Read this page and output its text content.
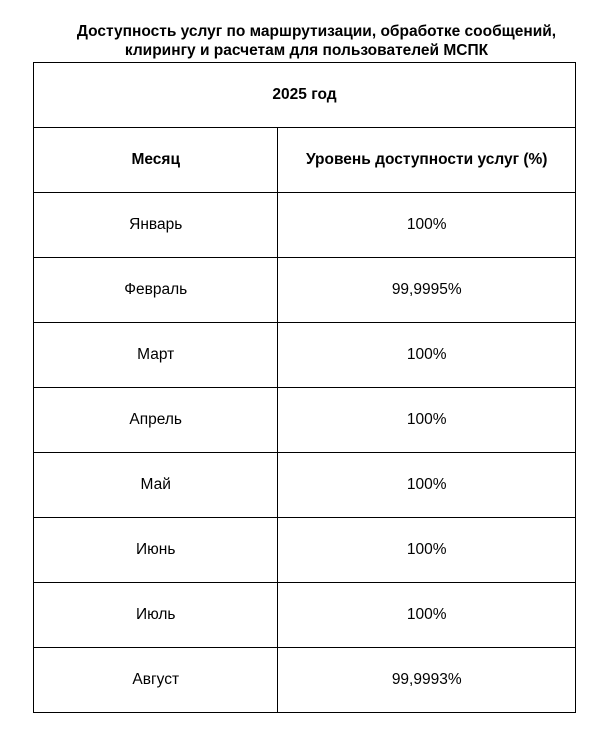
Доступность услуг по маршрутизации, обработке сообщений,
клирингу и расчетам для пользователей МСПК
2025 год	
Месяц	Уровень доступности услуг (%)
Январь	100%
Февраль	99,9995%
Март	100%
Апрель	100%
Май	100%
Июнь	100%
Июль	100%
Август	99,9993%
